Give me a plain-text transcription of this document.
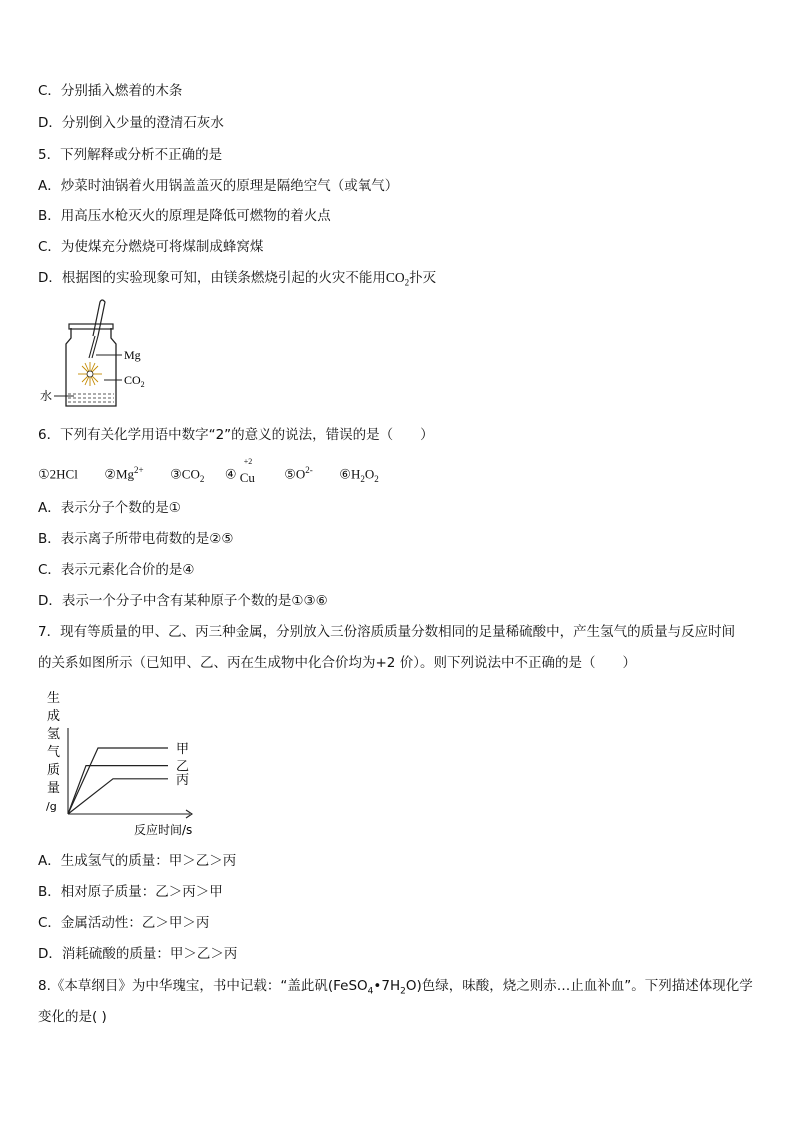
C．分别插入燃着的木条
D．分别倒入少量的澄清石灰水
5．下列解释或分析不正确的是
A．炒菜时油锅着火用锅盖盖灭的原理是隔绝空气（或氧气）
B．用高压水枪灭火的原理是降低可燃物的着火点
C．为使煤充分燃烧可将煤制成蜂窝煤
D．根据图的实验现象可知，由镁条燃烧引起的火灾不能用$CO_2$扑灭
Mg
$CO_2$
水
6．下列有关化学用语中数字“2”的意义的说法，错误的是（　　）
①2HCl $②Mg^{2+}$ $③CO_2$ ④
+2
Cu $⑤O^{2-}$ $⑥H_2O_2$
A．表示分子个数的是①
B．表示离子所带电荷数的是②⑤
C．表示元素化合价的是④
D．表示一个分子中含有某种原子个数的是①③⑥
7．现有等质量的甲、乙、丙三种金属，分别放入三份溶质质量分数相同的足量稀硫酸中，产生氢气的质量与反应时间
的关系如图所示（已知甲、乙、丙在生成物中化合价均为+2 价）。则下列说法中不正确的是（　　）
生
成
氢
气
质
量
/g
甲
乙
丙
反应时间/s
A．生成氢气的质量：甲＞乙＞丙
B．相对原子质量：乙＞丙＞甲
C．金属活动性：乙＞甲＞丙
D．消耗硫酸的质量：甲＞乙＞丙
8.《本草纲目》为中华瑰宝，书中记载：“盖此矾$(FeSO_4•7H_2O)$色绿，味酸，烧之则赤…止血补血”。下列描述体现化学
变化的是( )
